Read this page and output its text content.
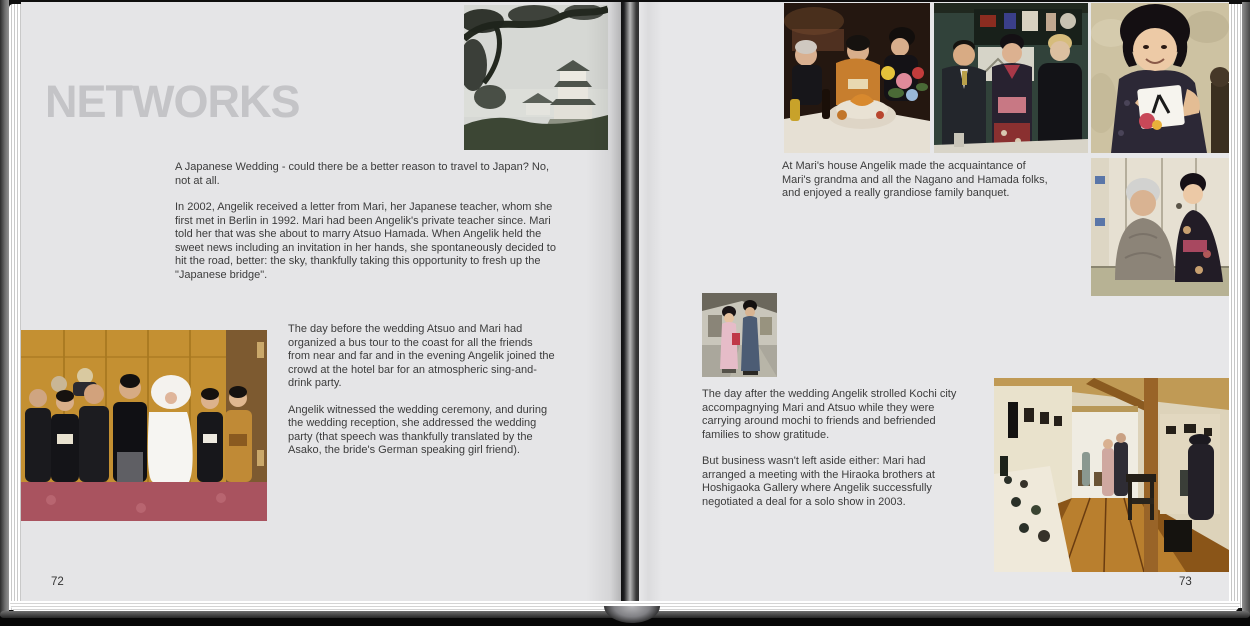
NETWORKS

A Japanese Wedding - could there be a better reason to travel to Japan? No, not at all.

In 2002, Angelik received a letter from Mari, her Japanese teacher, whom she first met in Berlin in 1992. Mari had been Angelik's private teacher since. Mari told her that was she about to marry Atsuo Hamada. When Angelik held the sweet news including an invitation in her hands, she spontaneously decided to hit the road, better: the sky, thankfully taking this opportunity to fresh up the "Japanese bridge".

The day before the wedding Atsuo and Mari had organized a bus tour to the coast for all the friends from near and far and in the evening Angelik joined the crowd at the hotel bar for an atmospheric sing-and-drink party.

Angelik witnessed the wedding ceremony, and during the wedding reception, she addressed the wedding party (that speech was thankfully translated by the Asako, the bride's German speaking girl friend).

72

At Mari's house Angelik made the acquaintance of Mari's grandma and all the Nagano and Hamada folks, and enjoyed a really grandiose family banquet.

The day after the wedding Angelik strolled Kochi city accompagnying Mari and Atsuo while they were carrying around mochi to friends and befriended families to show gratitude.

But business wasn't left aside either: Mari had arranged a meeting with the Hiraoka brothers at Hoshigaoka Gallery where Angelik successfully negotiated a deal for a solo show in 2003.

73
